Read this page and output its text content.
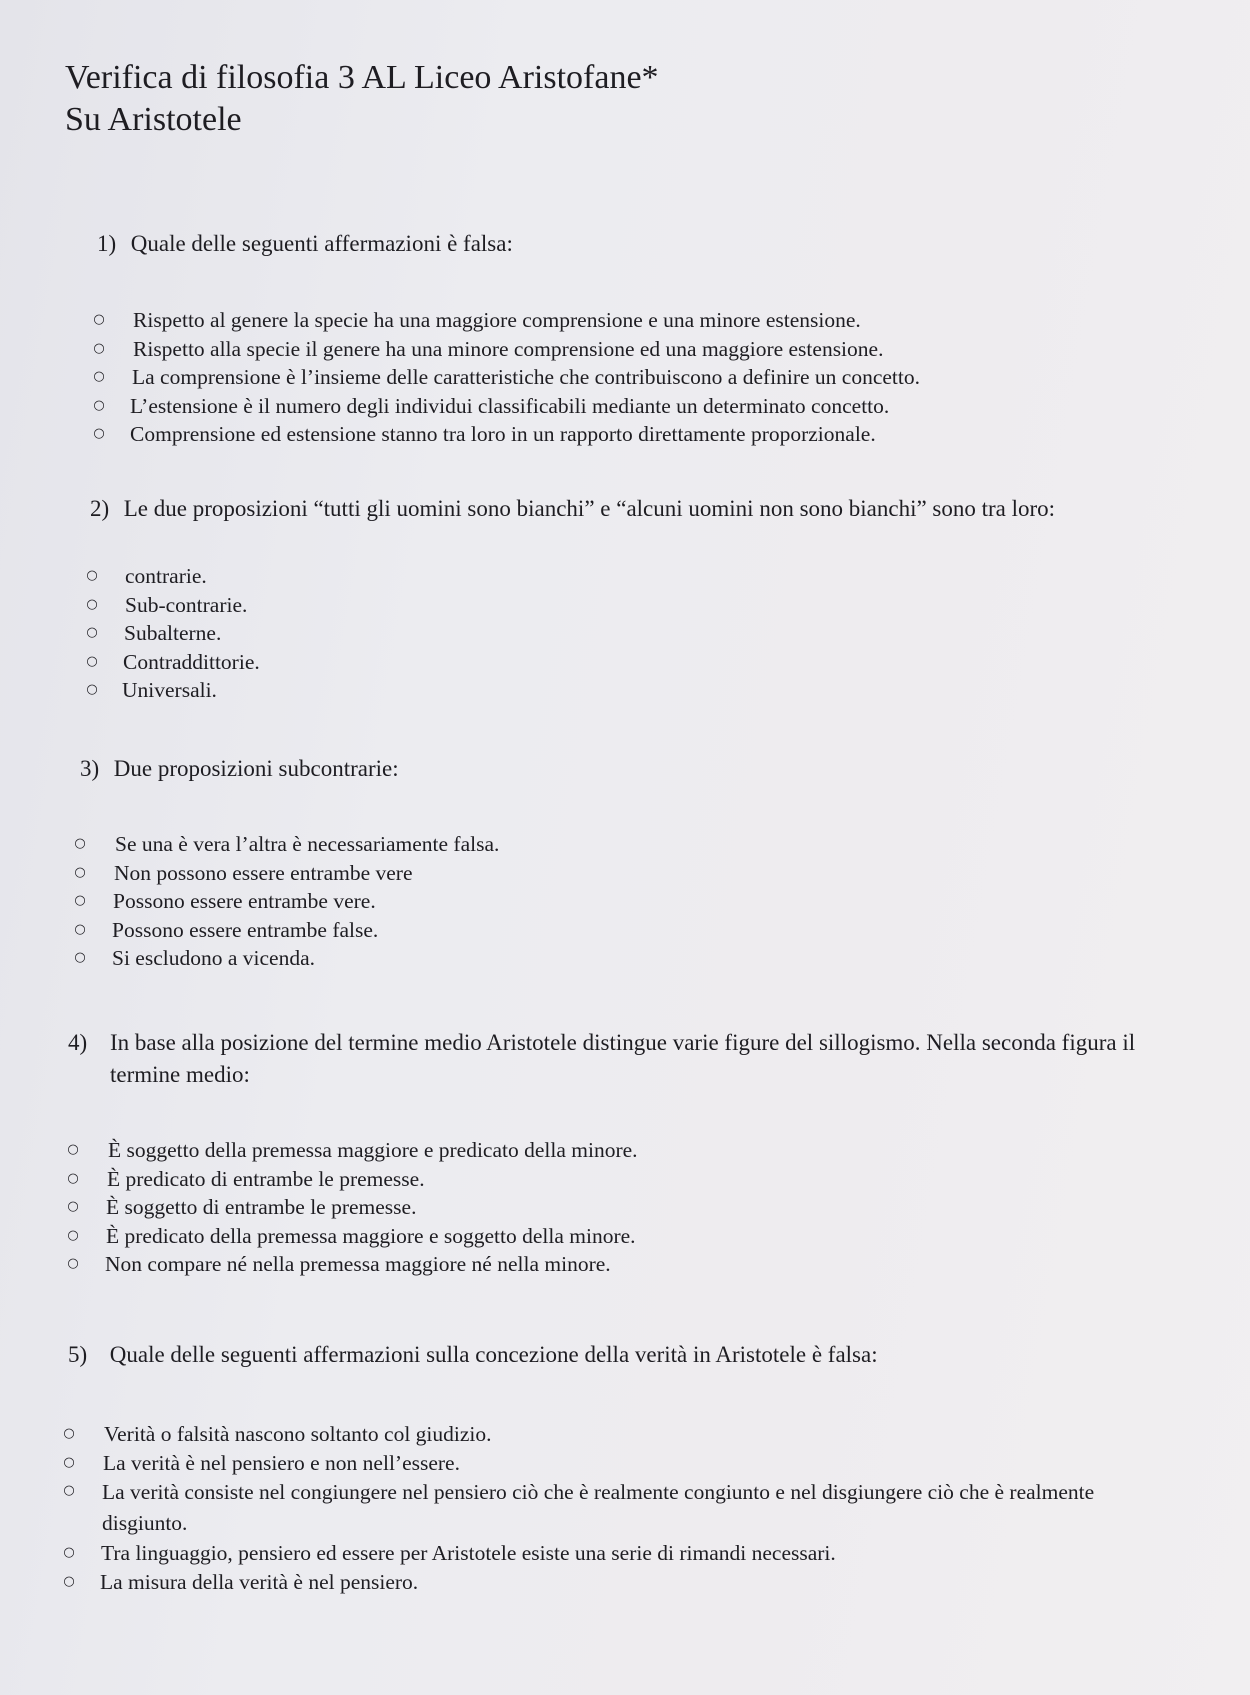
Verifica di filosofia 3 AL Liceo Aristofane*
Su Aristotele
1) Quale delle seguenti affermazioni è falsa:
○ Rispetto al genere la specie ha una maggiore comprensione e una minore estensione.
○ Rispetto alla specie il genere ha una minore comprensione ed una maggiore estensione.
○ La comprensione è l’insieme delle caratteristiche che contribuiscono a definire un concetto.
○ L’estensione è il numero degli individui classificabili mediante un determinato concetto.
○ Comprensione ed estensione stanno tra loro in un rapporto direttamente proporzionale.
2) Le due proposizioni “tutti gli uomini sono bianchi” e “alcuni uomini non sono bianchi” sono tra loro:
○ contrarie.
○ Sub-contrarie.
○ Subalterne.
○ Contraddittorie.
○ Universali.
3) Due proposizioni subcontrarie:
○ Se una è vera l’altra è necessariamente falsa.
○ Non possono essere entrambe vere
○ Possono essere entrambe vere.
○ Possono essere entrambe false.
○ Si escludono a vicenda.
4) In base alla posizione del termine medio Aristotele distingue varie figure del sillogismo. Nella seconda figura il termine medio:
○ È soggetto della premessa maggiore e predicato della minore.
○ È predicato di entrambe le premesse.
○ È soggetto di entrambe le premesse.
○ È predicato della premessa maggiore e soggetto della minore.
○ Non compare né nella premessa maggiore né nella minore.
5) Quale delle seguenti affermazioni sulla concezione della verità in Aristotele è falsa:
○ Verità o falsità nascono soltanto col giudizio.
○ La verità è nel pensiero e non nell’essere.
○	La verità consiste nel congiungere nel pensiero ciò che è realmente congiunto e nel disgiungere ciò che è realmente disgiunto.
○ Tra linguaggio, pensiero ed essere per Aristotele esiste una serie di rimandi necessari.
○ La misura della verità è nel pensiero.
